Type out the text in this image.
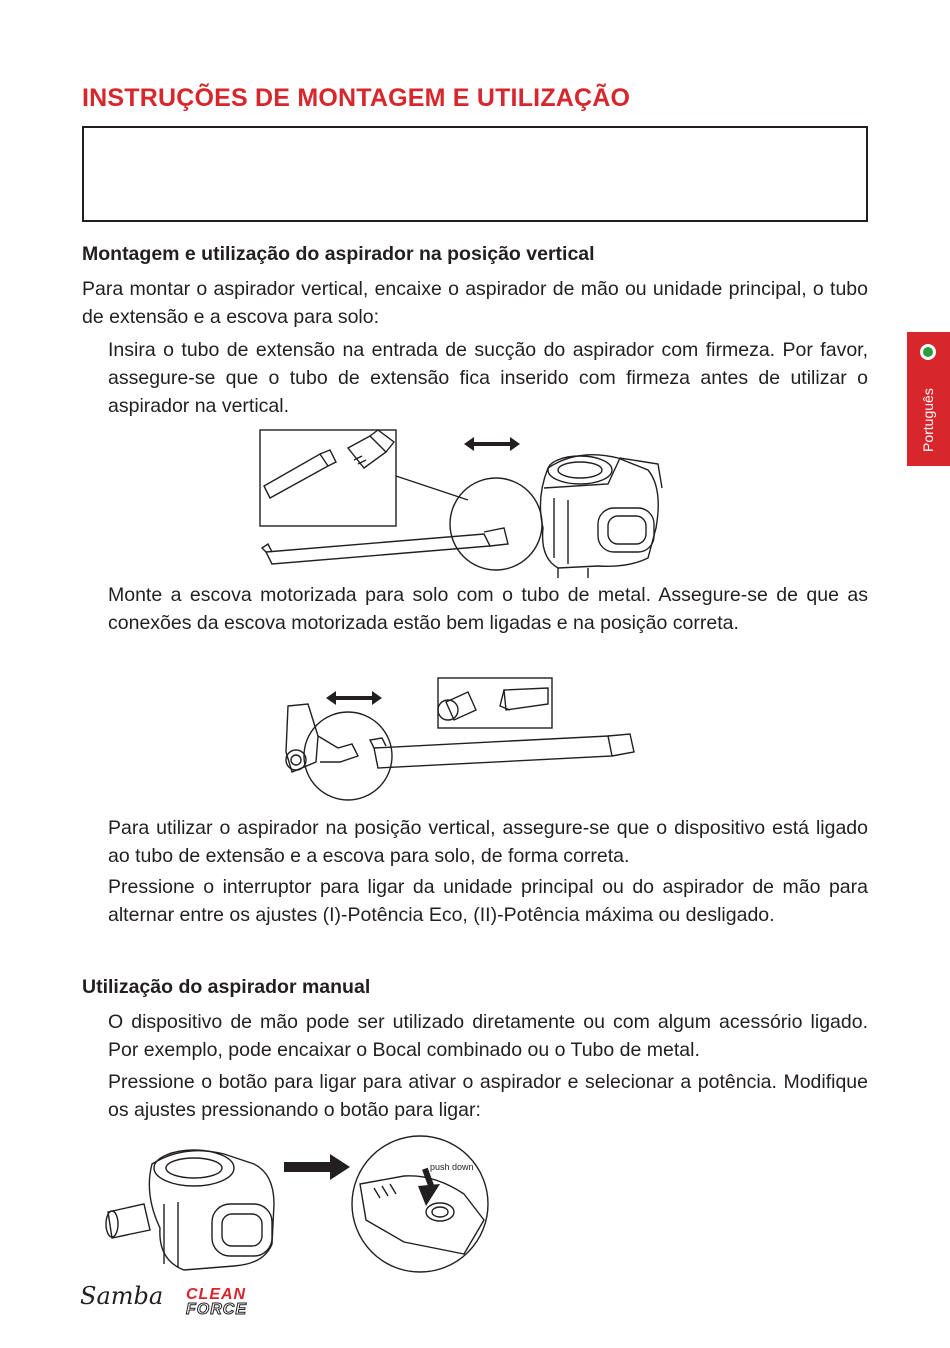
INSTRUÇÕES DE MONTAGEM E UTILIZAÇÃO
Montagem e utilização do aspirador na posição vertical
Para montar o aspirador vertical, encaixe o aspirador de mão ou unidade principal, o tubo de extensão e a escova para solo:
Insira o tubo de extensão na entrada de sucção do aspirador com firmeza. Por favor, assegure-se que o tubo de extensão fica inserido com firmeza antes de utilizar o aspirador na vertical.
Monte a escova motorizada para solo com o tubo de metal. Assegure-se de que as conexões da escova motorizada estão bem ligadas e na posição correta.
Para utilizar o aspirador na posição vertical, assegure-se que o dispositivo está ligado ao tubo de extensão e a escova para solo, de forma correta.
Pressione o interruptor para ligar da unidade principal ou do aspirador de mão para alternar entre os ajustes (I)-Potência Eco, (II)-Potência máxima ou desligado.
Utilização do aspirador manual
O dispositivo de mão pode ser utilizado diretamente ou com algum acessório ligado. Por exemplo, pode encaixar o Bocal combinado ou o Tubo de metal.
Pressione o botão para ligar para ativar o aspirador e selecionar a potência. Modifique os ajustes pressionando o botão para ligar:
push down
Português
Samba CLEAN
FORCE
